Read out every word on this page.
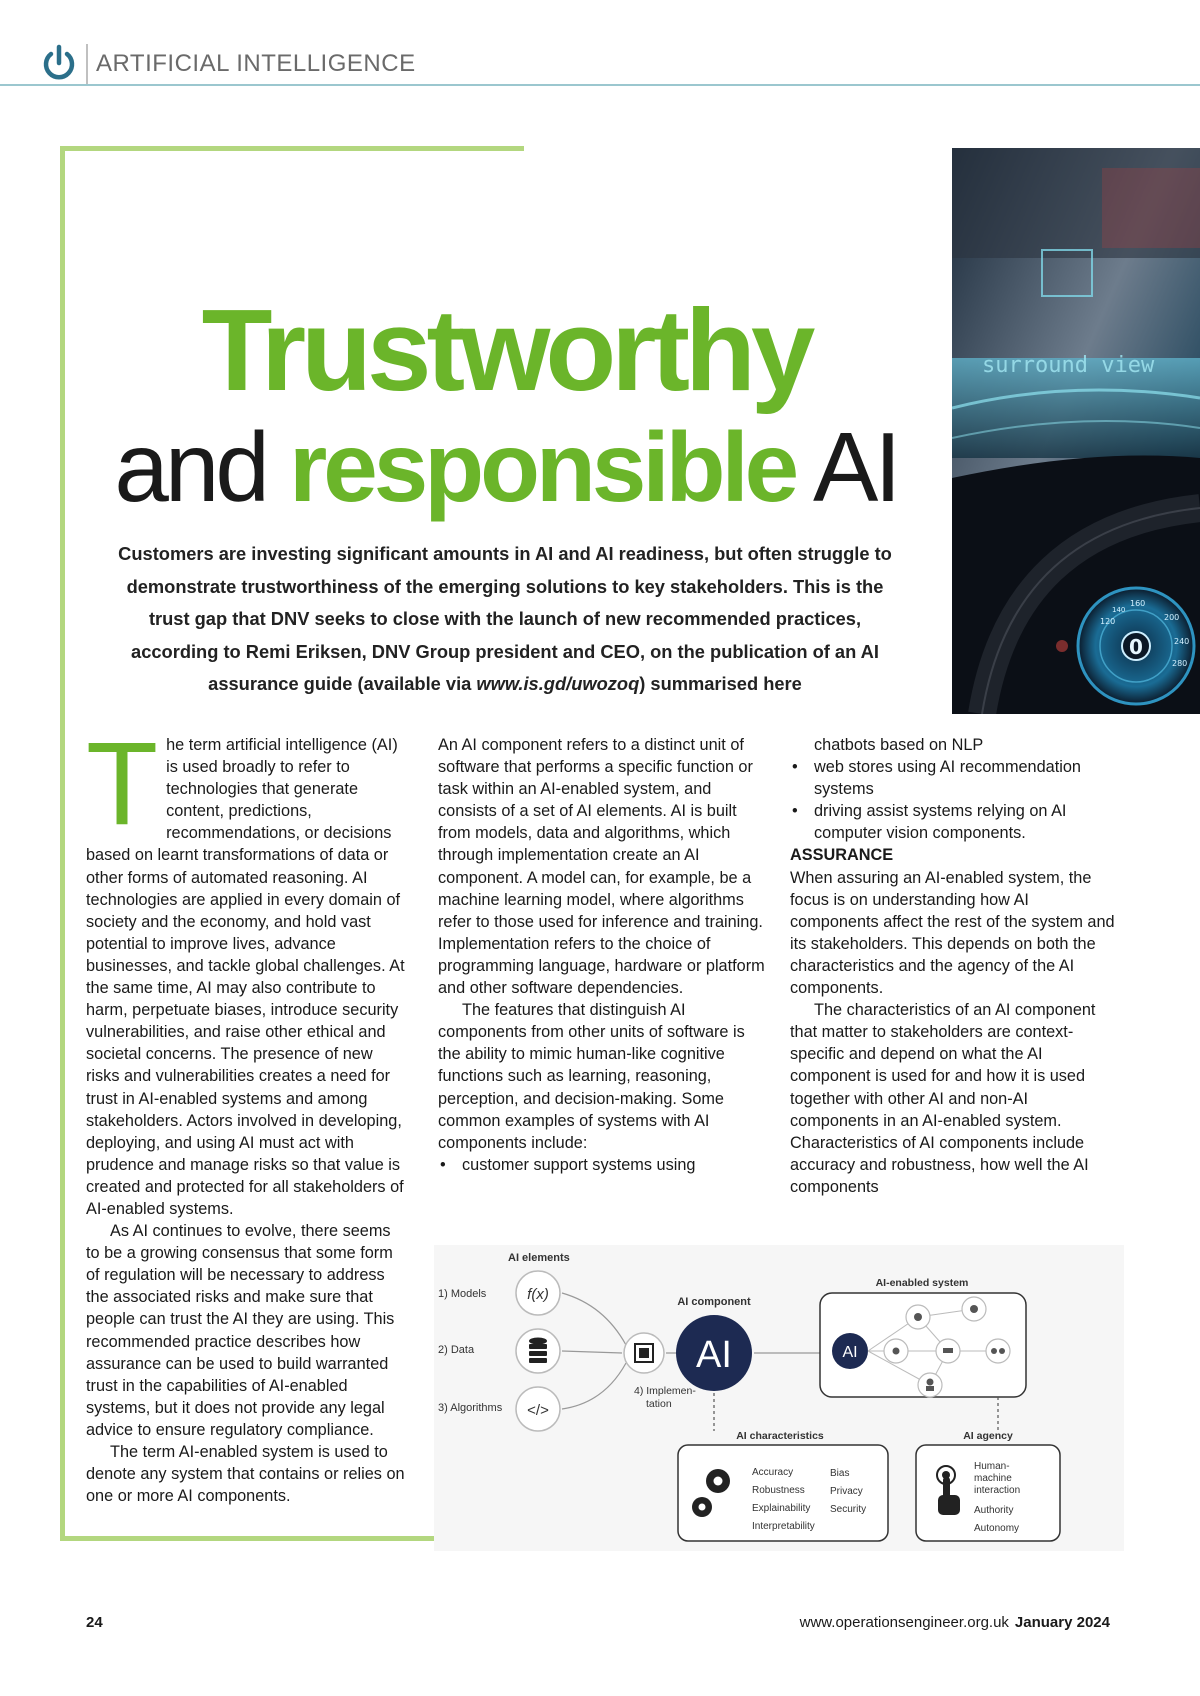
ARTIFICIAL INTELLIGENCE
surround view
0
120
140
160
200
240
280
Trustworthy
and responsible AI
Customers are investing significant amounts in AI and AI readiness, but often struggle to demonstrate trustworthiness of the emerging solutions to key stakeholders. This is the trust gap that DNV seeks to close with the launch of new recommended practices, according to Remi Eriksen, DNV Group president and CEO, on the publication of an AI assurance guide (available via www.is.gd/uwozoq) summarised here

The term artificial intelligence (AI) is used broadly to refer to technologies that generate content, predictions, recommendations, or decisions based on learnt transformations of data or other forms of automated reasoning. AI technologies are applied in every domain of society and the economy, and hold vast potential to improve lives, advance businesses, and tackle global challenges. At the same time, AI may also contribute to harm, perpetuate biases, introduce security vulnerabilities, and raise other ethical and societal concerns. The presence of new risks and vulnerabilities creates a need for trust in AI-enabled systems and among stakeholders. Actors involved in developing, deploying, and using AI must act with prudence and manage risks so that value is created and protected for all stakeholders of AI-enabled systems.

As AI continues to evolve, there seems to be a growing consensus that some form of regulation will be necessary to address the associated risks and make sure that people can trust the AI they are using. This recommended practice describes how assurance can be used to build warranted trust in the capabilities of AI-enabled systems, but it does not provide any legal advice to ensure regulatory compliance.

The term AI-enabled system is used to denote any system that contains or relies on one or more AI components.

An AI component refers to a distinct unit of software that performs a specific function or task within an AI-enabled system, and consists of a set of AI elements. AI is built from models, data and algorithms, which through implementation create an AI component. A model can, for example, be a machine learning model, where algorithms refer to those used for inference and training. Implementation refers to the choice of programming language, hardware or platform and other software dependencies.

The features that distinguish AI components from other units of software is the ability to mimic human-like cognitive functions such as learning, reasoning, perception, and decision-making. Some common examples of systems with AI components include:

• customer support systems using
chatbots based on NLP
• web stores using AI recommendation systems
• driving assist systems relying on AI computer vision components.

ASSURANCE

When assuring an AI-enabled system, the focus is on understanding how AI components affect the rest of the system and its stakeholders. This depends on both the characteristics and the agency of the AI components.

The characteristics of an AI component that matter to stakeholders are context-specific and depend on what the AI component is used for and how it is used together with other AI and non-AI components in an AI-enabled system. Characteristics of AI components include accuracy and robustness, how well the AI components

AI elements
1) Models
2) Data
3) Algorithms
f(x)
</>
4) Implemen-
tation
AI component
AI
AI-enabled system
AI
AI characteristics
Accuracy
Robustness
Explainability
Interpretability
Bias
Privacy
Security
AI agency
Human-
machine
interaction
Authority
Autonomy
24	www.operationsengineer.org.uk January 2024
